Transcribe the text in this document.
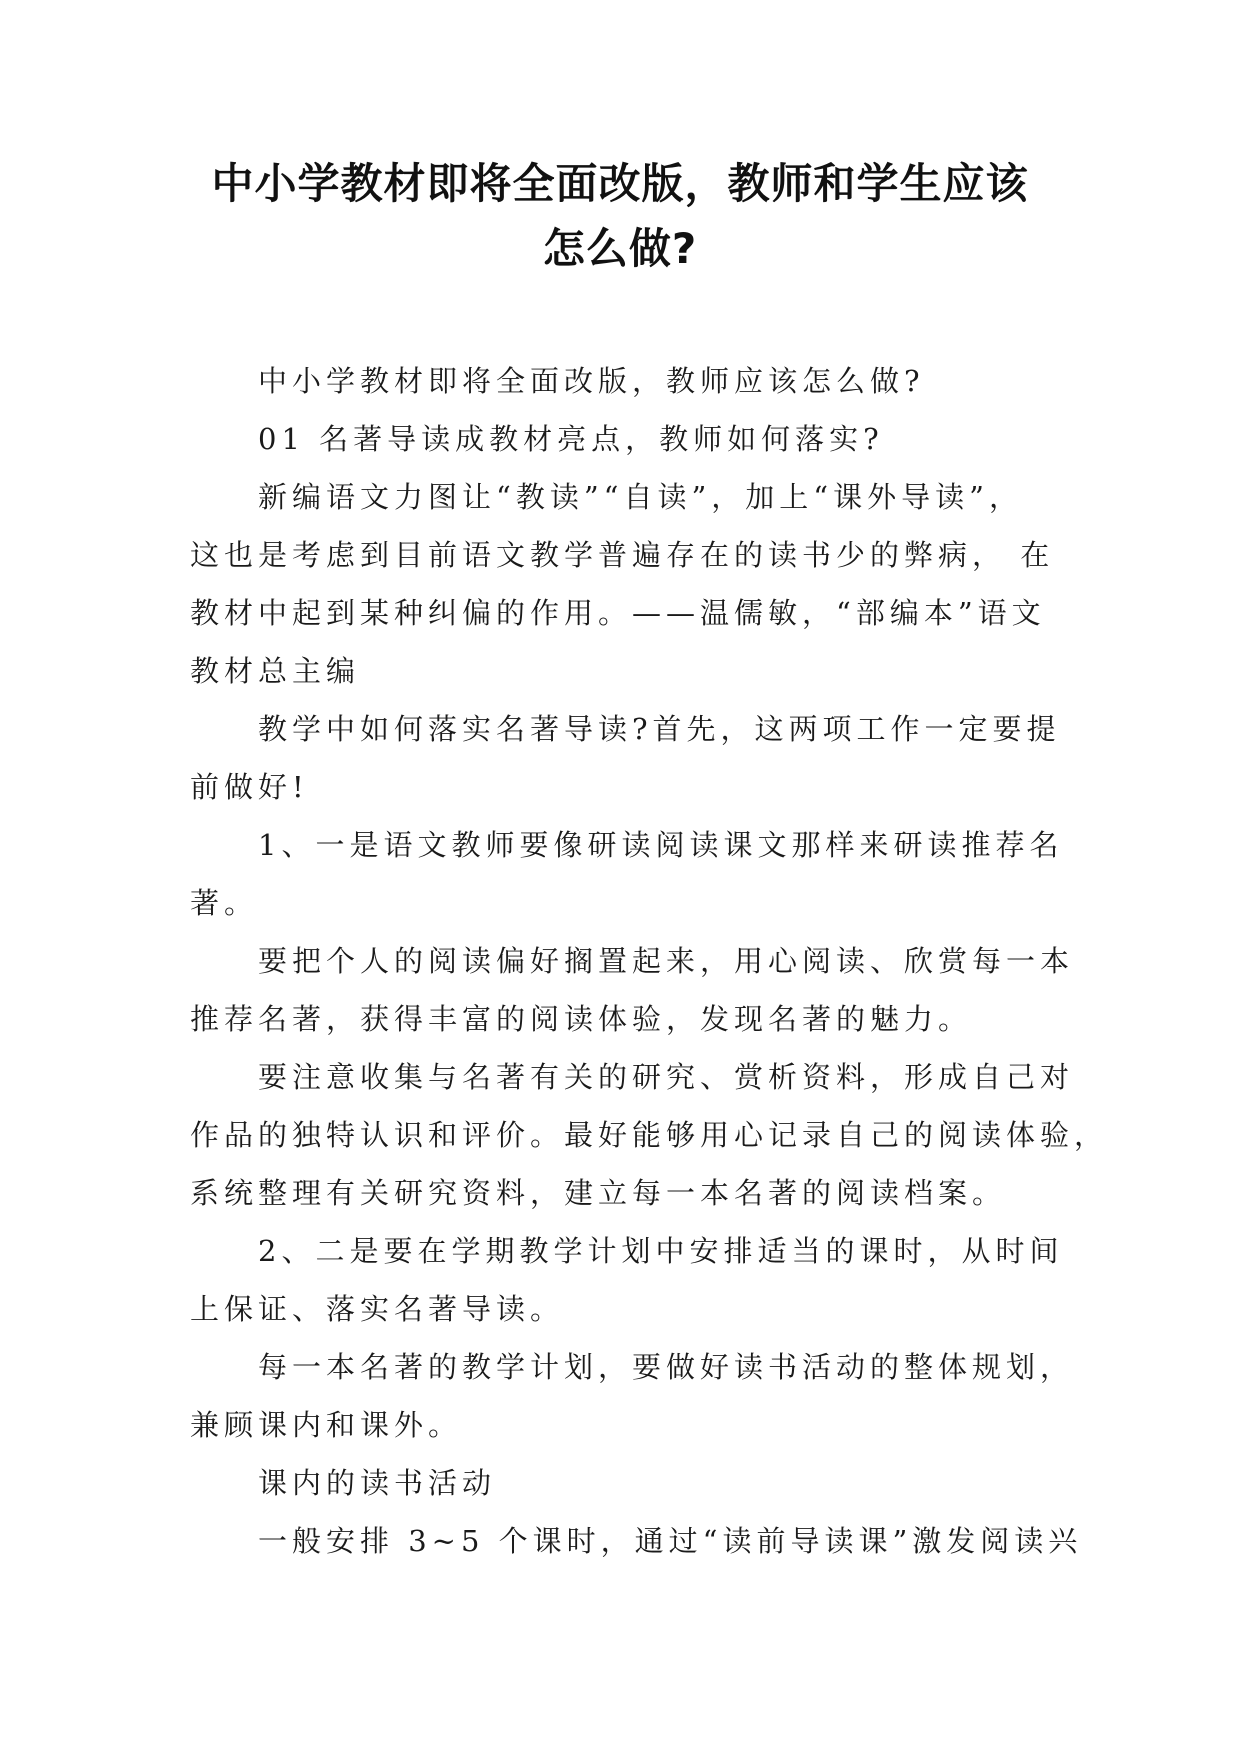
中小学教材即将全面改版，教师和学生应该
怎么做?
中小学教材即将全面改版，教师应该怎么做?
01 名著导读成教材亮点，教师如何落实?
新编语文力图让“教读”“自读”，加上“课外导读”，
这也是考虑到目前语文教学普遍存在的读书少的弊病， 在
教材中起到某种纠偏的作用。——温儒敏，“部编本”语文
教材总主编
教学中如何落实名著导读?首先，这两项工作一定要提
前做好!
1、一是语文教师要像研读阅读课文那样来研读推荐名
著。
要把个人的阅读偏好搁置起来，用心阅读、欣赏每一本
推荐名著，获得丰富的阅读体验，发现名著的魅力。
要注意收集与名著有关的研究、赏析资料，形成自己对
作品的独特认识和评价。最好能够用心记录自己的阅读体验，
系统整理有关研究资料，建立每一本名著的阅读档案。
2、二是要在学期教学计划中安排适当的课时，从时间
上保证、落实名著导读。
每一本名著的教学计划，要做好读书活动的整体规划，
兼顾课内和课外。
课内的读书活动
一般安排 3~5 个课时，通过“读前导读课”激发阅读兴
